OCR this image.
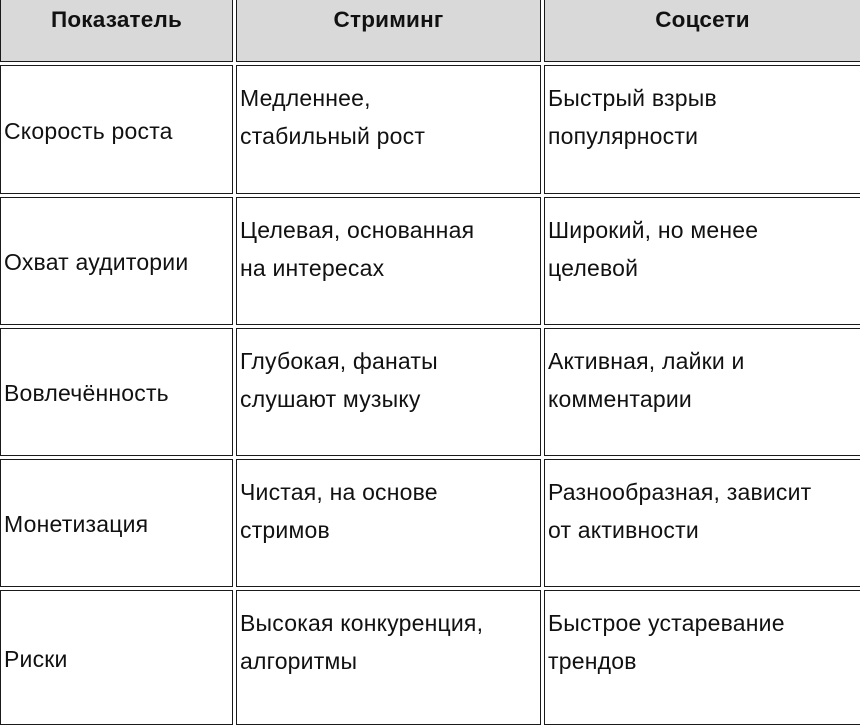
Показатель	Стриминг	Соцсети
Скорость роста
Медленнее,
стабильный рост
Быстрый взрыв
популярности
Охват аудитории
Целевая, основанная
на интересах
Широкий, но менее
целевой
Вовлечённость
Глубокая, фанаты
слушают музыку
Активная, лайки и
комментарии
Монетизация
Чистая, на основе
стримов
Разнообразная, зависит
от активности
Риски
Высокая конкуренция,
алгоритмы
Быстрое устаревание
трендов
